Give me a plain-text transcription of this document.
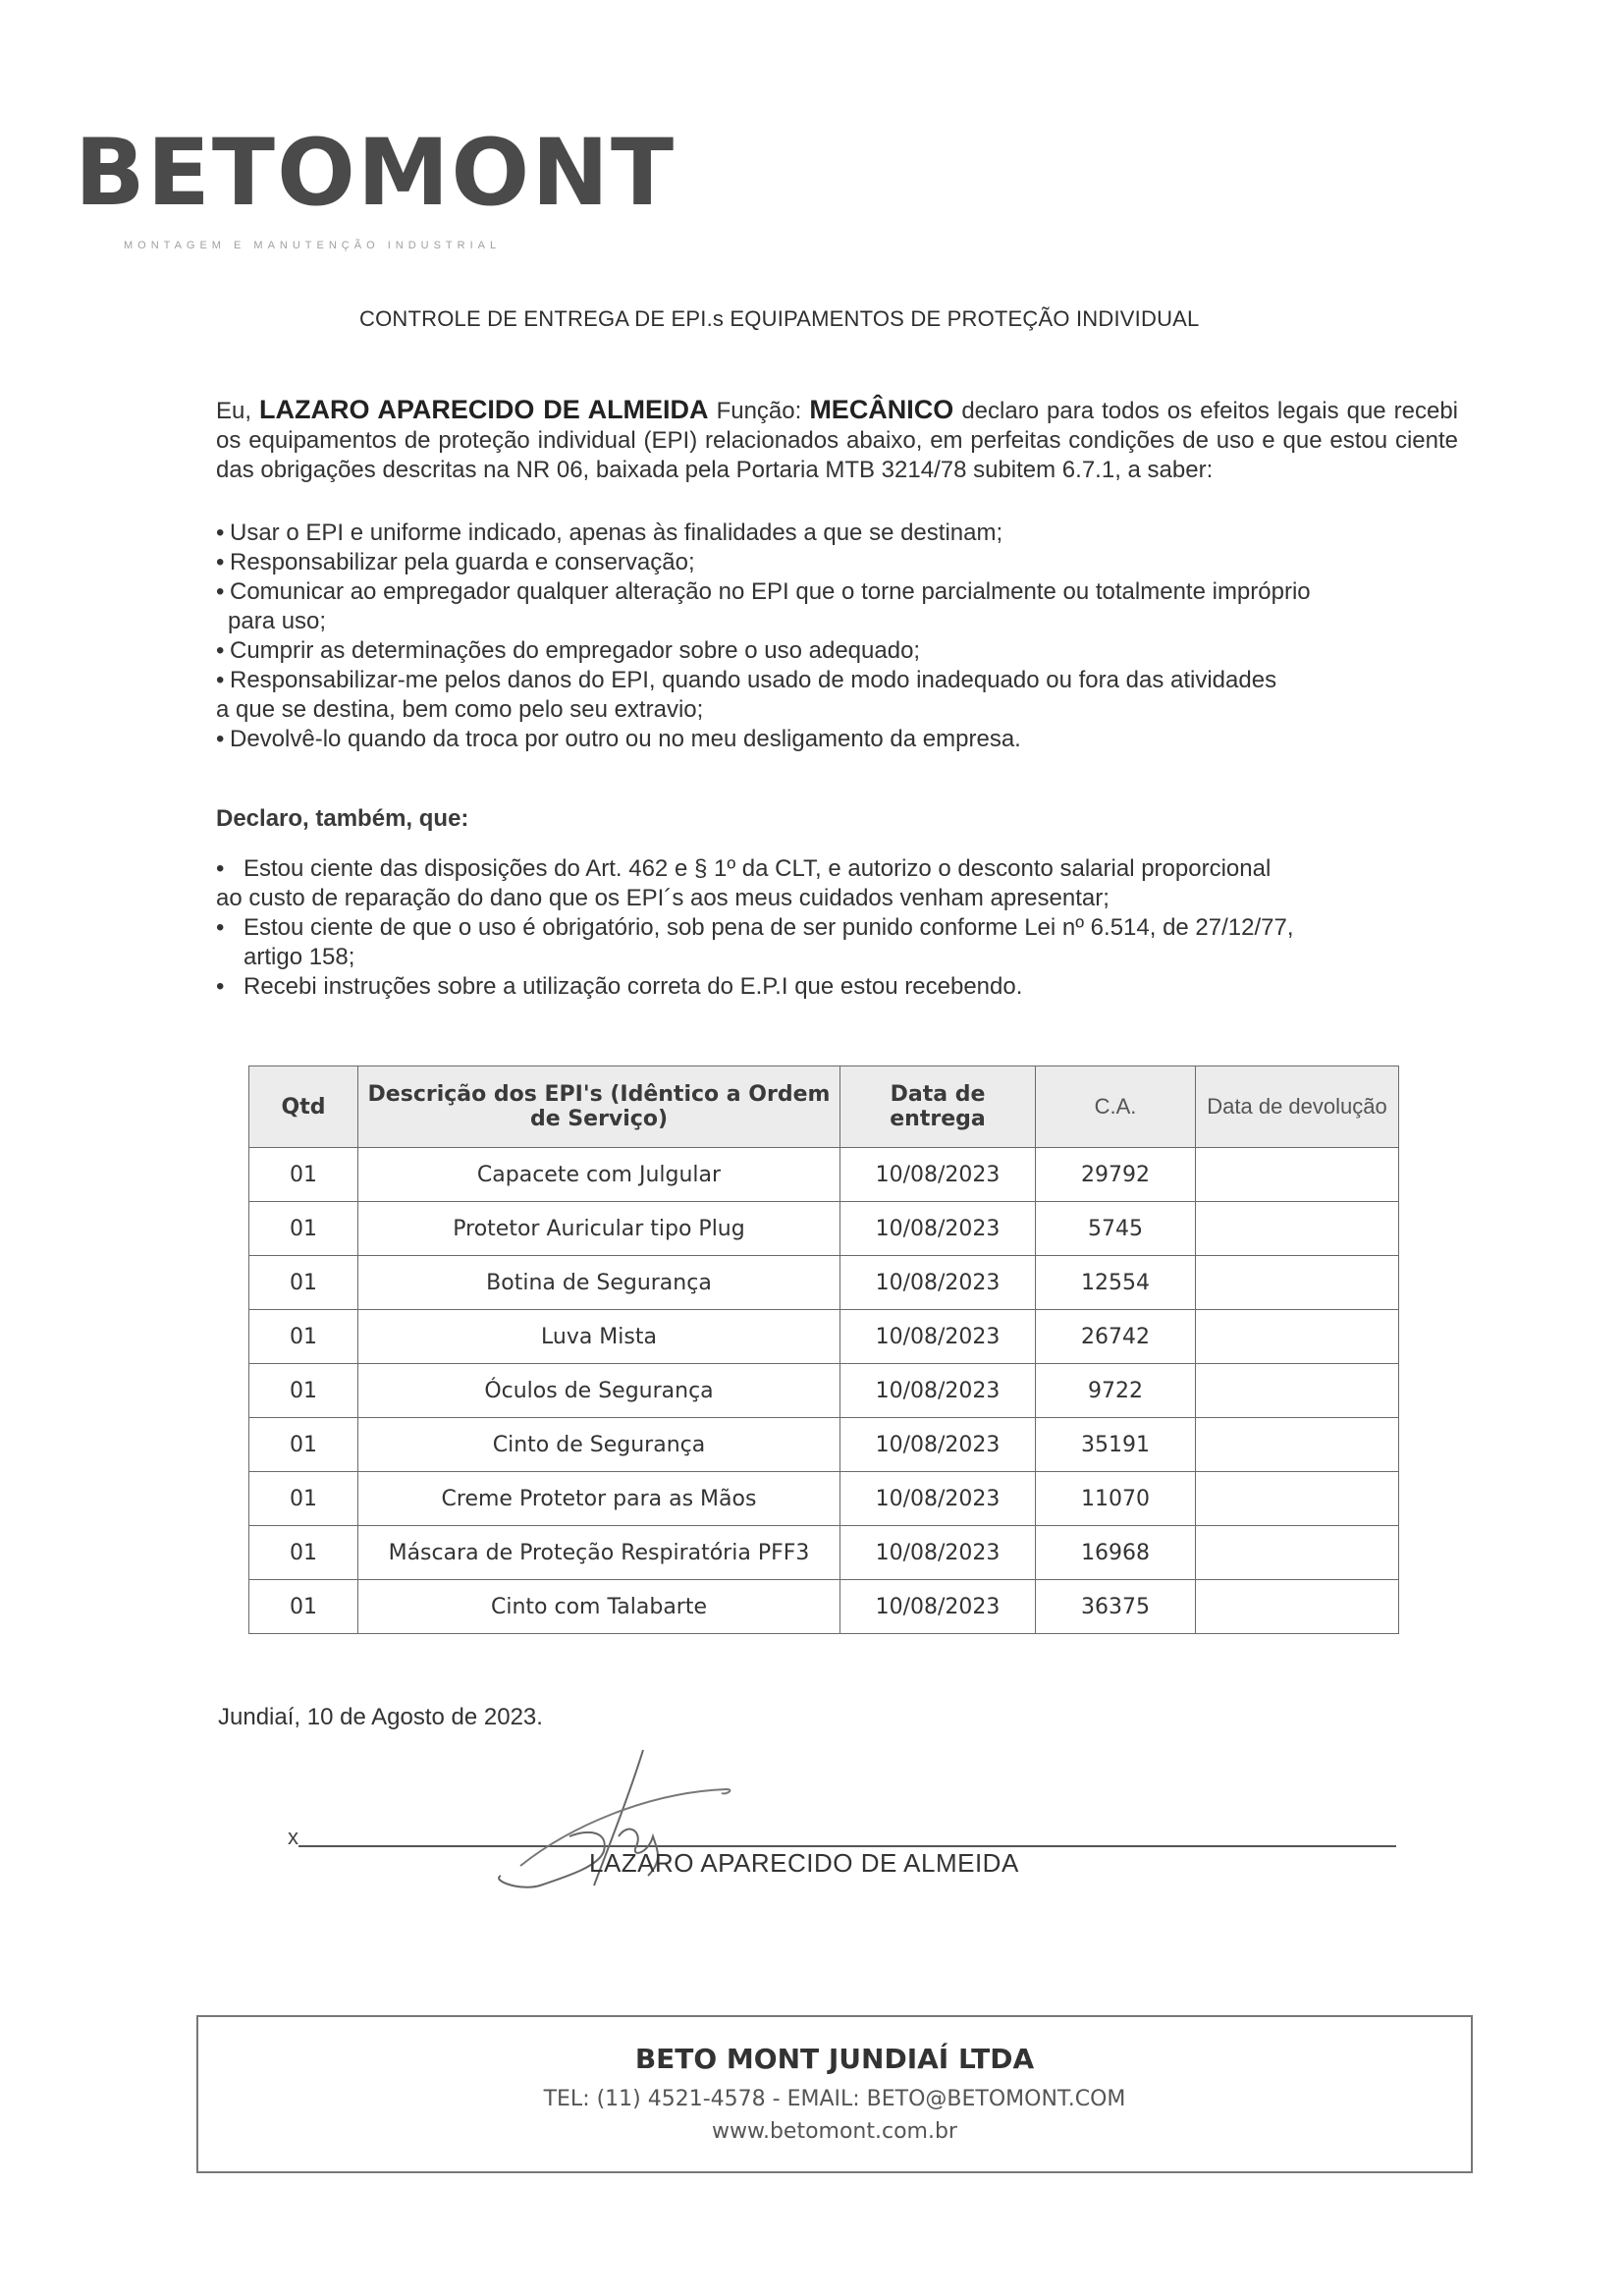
BETOMONT
MONTAGEM E MANUTENÇÃO INDUSTRIAL
CONTROLE DE ENTREGA DE EPI.s EQUIPAMENTOS DE PROTEÇÃO INDIVIDUAL
Eu, LAZARO APARECIDO DE ALMEIDA Função: MECÂNICO declaro para todos os efeitos legais que recebi os equipamentos de proteção individual (EPI) relacionados abaixo, em perfeitas condições de uso e que estou ciente das obrigações descritas na NR 06, baixada pela Portaria MTB 3214/78 subitem 6.7.1, a saber:

• Usar o EPI e uniforme indicado, apenas às finalidades a que se destinam;

• Responsabilizar pela guarda e conservação;

• Comunicar ao empregador qualquer alteração no EPI que o torne parcialmente ou totalmente impróprio

para uso;

• Cumprir as determinações do empregador sobre o uso adequado;

• Responsabilizar-me pelos danos do EPI, quando usado de modo inadequado ou fora das atividades

a que se destina, bem como pelo seu extravio;

• Devolvê-lo quando da troca por outro ou no meu desligamento da empresa.

Declaro, também, que:

• Estou ciente das disposições do Art. 462 e § 1º da CLT, e autorizo o desconto salarial proporcional

ao custo de reparação do dano que os EPI´s aos meus cuidados venham apresentar;

• Estou ciente de que o uso é obrigatório, sob pena de ser punido conforme Lei nº 6.514, de 27/12/77,

artigo 158;

• Recebi instruções sobre a utilização correta do E.P.I que estou recebendo.

Qtd	Descrição dos EPI's (Idêntico a Ordem de Serviço)	Data de entrega	C.A.	Data de devolução
01	Capacete com Julgular	10/08/2023	29792	
01	Protetor Auricular tipo Plug	10/08/2023	5745	
01	Botina de Segurança	10/08/2023	12554	
01	Luva Mista	10/08/2023	26742	
01	Óculos de Segurança	10/08/2023	9722	
01	Cinto de Segurança	10/08/2023	35191	
01	Creme Protetor para as Mãos	10/08/2023	11070	
01	Máscara de Proteção Respiratória PFF3	10/08/2023	16968	
01	Cinto com Talabarte	10/08/2023	36375	
Jundiaí, 10 de Agosto de 2023.
x
LAZARO APARECIDO DE ALMEIDA
BETO MONT JUNDIAÍ LTDA
TEL: (11) 4521-4578 - EMAIL: BETO@BETOMONT.COM
www.betomont.com.br
